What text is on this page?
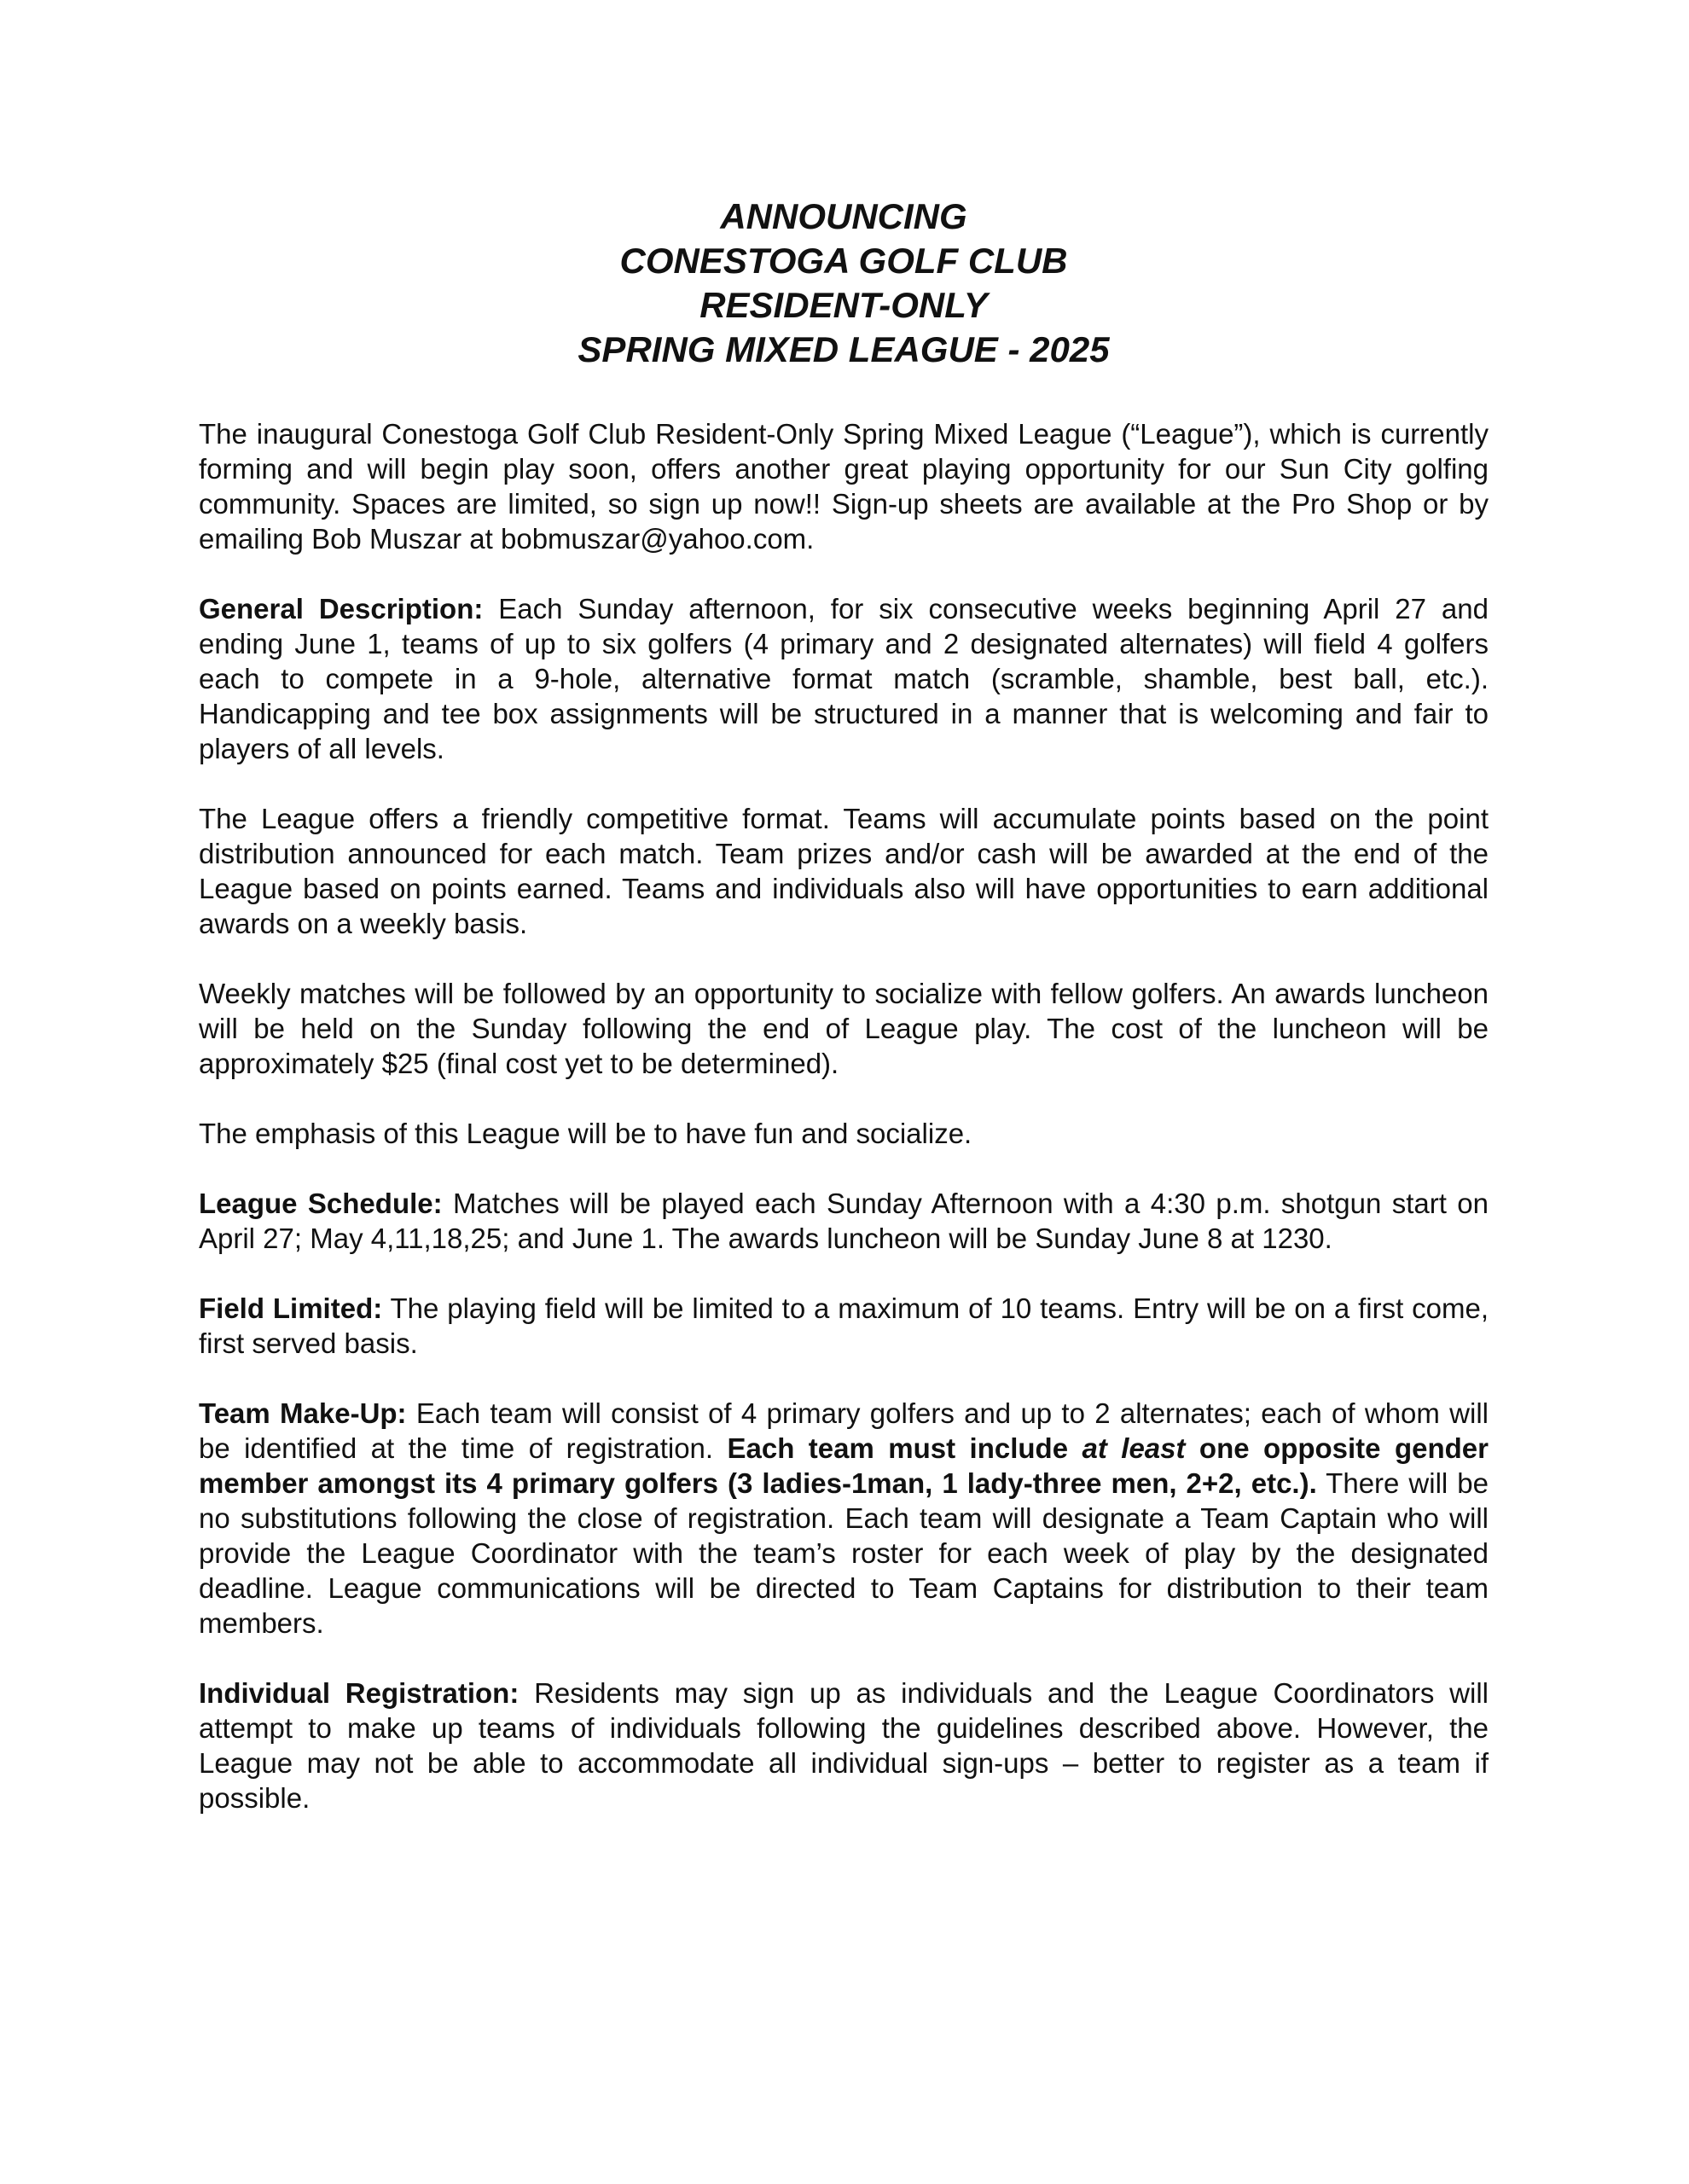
ANNOUNCING
CONESTOGA GOLF CLUB
RESIDENT-ONLY
SPRING MIXED LEAGUE - 2025

The inaugural Conestoga Golf Club Resident-Only Spring Mixed League (“League”), which is currently forming and will begin play soon, offers another great playing opportunity for our Sun City golfing community. Spaces are limited, so sign up now!! Sign-up sheets are available at the Pro Shop or by emailing Bob Muszar at bobmuszar@yahoo.com.

General Description: Each Sunday afternoon, for six consecutive weeks beginning April 27 and ending June 1, teams of up to six golfers (4 primary and 2 designated alternates) will field 4 golfers each to compete in a 9-hole, alternative format match (scramble, shamble, best ball, etc.). Handicapping and tee box assignments will be structured in a manner that is welcoming and fair to players of all levels.

The League offers a friendly competitive format. Teams will accumulate points based on the point distribution announced for each match. Team prizes and/or cash will be awarded at the end of the League based on points earned. Teams and individuals also will have opportunities to earn additional awards on a weekly basis.

Weekly matches will be followed by an opportunity to socialize with fellow golfers. An awards luncheon will be held on the Sunday following the end of League play. The cost of the luncheon will be approximately $25 (final cost yet to be determined).

The emphasis of this League will be to have fun and socialize.

League Schedule: Matches will be played each Sunday Afternoon with a 4:30 p.m. shotgun start on April 27; May 4,11,18,25; and June 1. The awards luncheon will be Sunday June 8 at 1230.

Field Limited: The playing field will be limited to a maximum of 10 teams. Entry will be on a first come, first served basis.

Team Make-Up: Each team will consist of 4 primary golfers and up to 2 alternates; each of whom will be identified at the time of registration. Each team must include at least one opposite gender member amongst its 4 primary golfers (3 ladies-1man, 1 lady-three men, 2+2, etc.). There will be no substitutions following the close of registration. Each team will designate a Team Captain who will provide the League Coordinator with the team’s roster for each week of play by the designated deadline. League communications will be directed to Team Captains for distribution to their team members.

Individual Registration: Residents may sign up as individuals and the League Coordinators will attempt to make up teams of individuals following the guidelines described above. However, the League may not be able to accommodate all individual sign-ups – better to register as a team if possible.
